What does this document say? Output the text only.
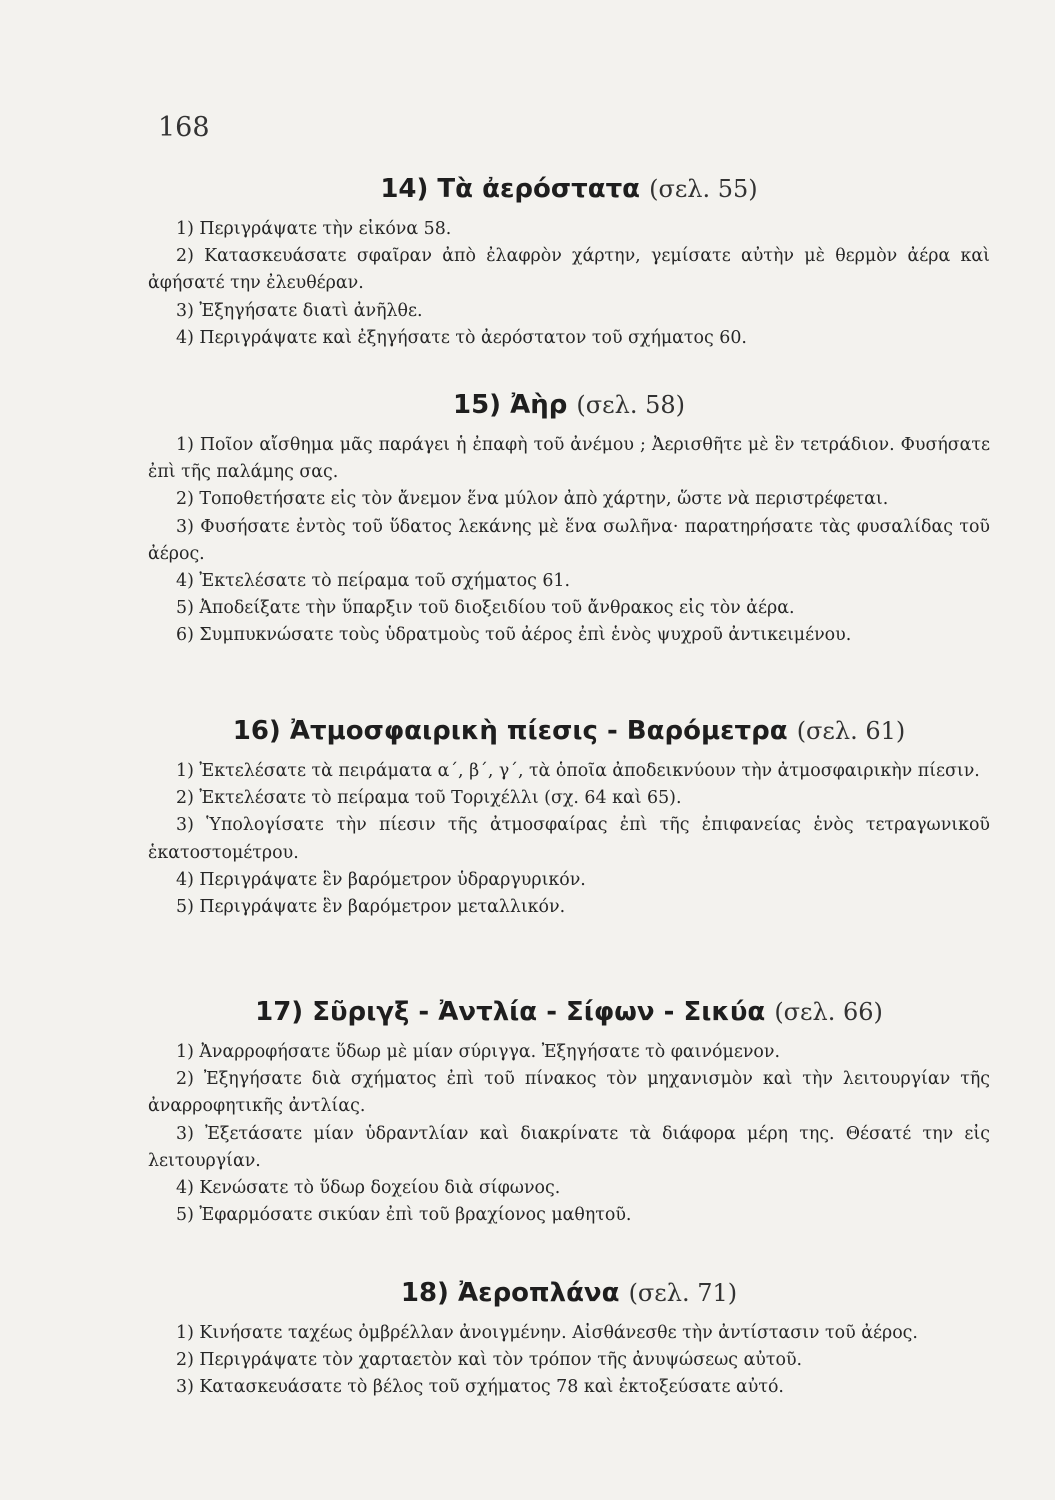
168
14) Τὰ ἀερόστατα (σελ. 55)

1) Περιγράψατε τὴν εἰκόνα 58.

2) Κατασκευάσατε σφαῖραν ἀπὸ ἐλαφρὸν χάρτην, γεμίσατε αὐτὴν μὲ θερμὸν ἀέρα καὶ ἀφήσατέ την ἐλευθέραν.

3) Ἐξηγήσατε διατὶ ἀνῆλθε.

4) Περιγράψατε καὶ ἐξηγήσατε τὸ ἀερόστατον τοῦ σχήματος 60.

15) Ἀὴρ (σελ. 58)

1) Ποῖον αἴσθημα μᾶς παράγει ἡ ἐπαφὴ τοῦ ἀνέμου ; Ἀερισθῆτε μὲ ἓν τετράδιον. Φυσήσατε ἐπὶ τῆς παλάμης σας.

2) Τοποθετήσατε εἰς τὸν ἄνεμον ἕνα μύλον ἀπὸ χάρτην, ὥστε νὰ περιστρέφεται.

3) Φυσήσατε ἐντὸς τοῦ ὕδατος λεκάνης μὲ ἕνα σωλῆνα· παρατηρήσατε τὰς φυσαλίδας τοῦ ἀέρος.

4) Ἐκτελέσατε τὸ πείραμα τοῦ σχήματος 61.

5) Ἀποδείξατε τὴν ὕπαρξιν τοῦ διοξειδίου τοῦ ἄνθρακος εἰς τὸν ἀέρα.

6) Συμπυκνώσατε τοὺς ὑδρατμοὺς τοῦ ἀέρος ἐπὶ ἑνὸς ψυχροῦ ἀντικειμένου.

16) Ἀτμοσφαιρικὴ πίεσις - Βαρόμετρα (σελ. 61)

1) Ἐκτελέσατε τὰ πειράματα α΄, β΄, γ΄, τὰ ὁποῖα ἀποδεικνύουν τὴν ἀτμοσφαιρικὴν πίεσιν.

2) Ἐκτελέσατε τὸ πείραμα τοῦ Τοριχέλλι (σχ. 64 καὶ 65).

3) Ὑπολογίσατε τὴν πίεσιν τῆς ἀτμοσφαίρας ἐπὶ τῆς ἐπιφανείας ἑνὸς τετραγωνικοῦ ἑκατοστομέτρου.

4) Περιγράψατε ἓν βαρόμετρον ὑδραργυρικόν.

5) Περιγράψατε ἓν βαρόμετρον μεταλλικόν.

17) Σῦριγξ - Ἀντλία - Σίφων - Σικύα (σελ. 66)

1) Ἀναρροφήσατε ὕδωρ μὲ μίαν σύριγγα. Ἐξηγήσατε τὸ φαινόμενον.

2) Ἐξηγήσατε διὰ σχήματος ἐπὶ τοῦ πίνακος τὸν μηχανισμὸν καὶ τὴν λειτουργίαν τῆς ἀναρροφητικῆς ἀντλίας.

3) Ἐξετάσατε μίαν ὑδραντλίαν καὶ διακρίνατε τὰ διάφορα μέρη της. Θέσατέ την εἰς λειτουργίαν.

4) Κενώσατε τὸ ὕδωρ δοχείου διὰ σίφωνος.

5) Ἐφαρμόσατε σικύαν ἐπὶ τοῦ βραχίονος μαθητοῦ.

18) Ἀεροπλάνα (σελ. 71)

1) Κινήσατε ταχέως ὀμβρέλλαν ἀνοιγμένην. Αἰσθάνεσθε τὴν ἀντίστασιν τοῦ ἀέρος.

2) Περιγράψατε τὸν χαρταετὸν καὶ τὸν τρόπον τῆς ἀνυψώσεως αὐτοῦ.

3) Κατασκευάσατε τὸ βέλος τοῦ σχήματος 78 καὶ ἐκτοξεύσατε αὐτό.
